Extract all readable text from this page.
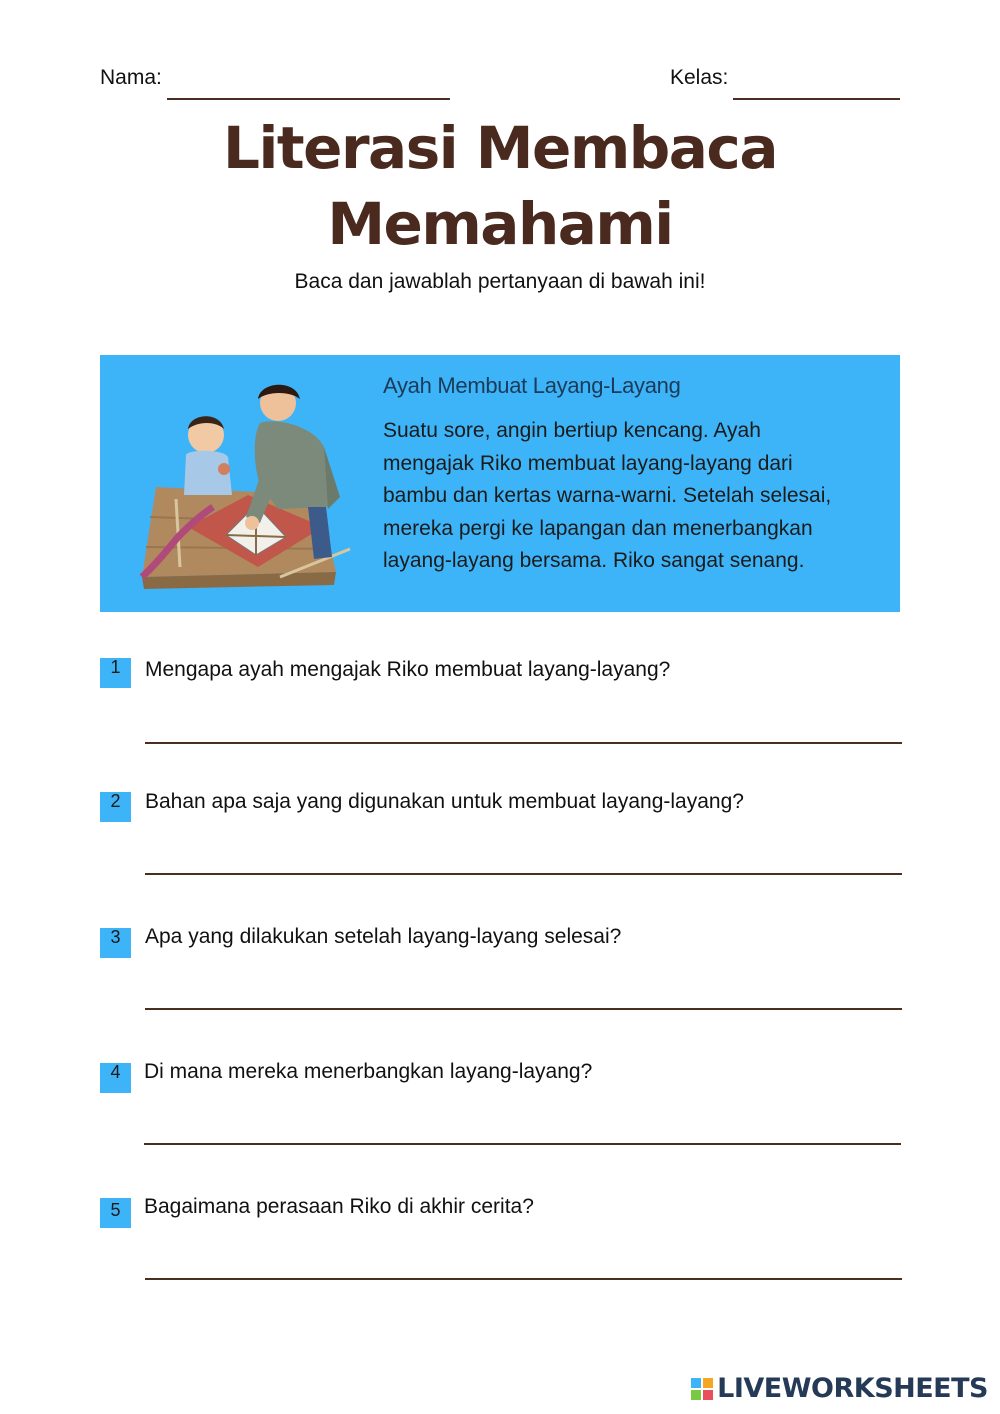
Nama:	Kelas:
Literasi Membaca
Memahami
Baca dan jawablah pertanyaan di bawah ini!
Ayah Membuat Layang-Layang
Suatu sore, angin bertiup kencang. Ayah
mengajak Riko membuat layang-layang dari
bambu dan kertas warna-warni. Setelah selesai,
mereka pergi ke lapangan dan menerbangkan
layang-layang bersama. Riko sangat senang.
1	Mengapa ayah mengajak Riko membuat layang-layang?
2	Bahan apa saja yang digunakan untuk membuat layang-layang?
3	Apa yang dilakukan setelah layang-layang selesai?
4	Di mana mereka menerbangkan layang-layang?
5	Bagaimana perasaan Riko di akhir cerita?
LIVEWORKSHEETS
